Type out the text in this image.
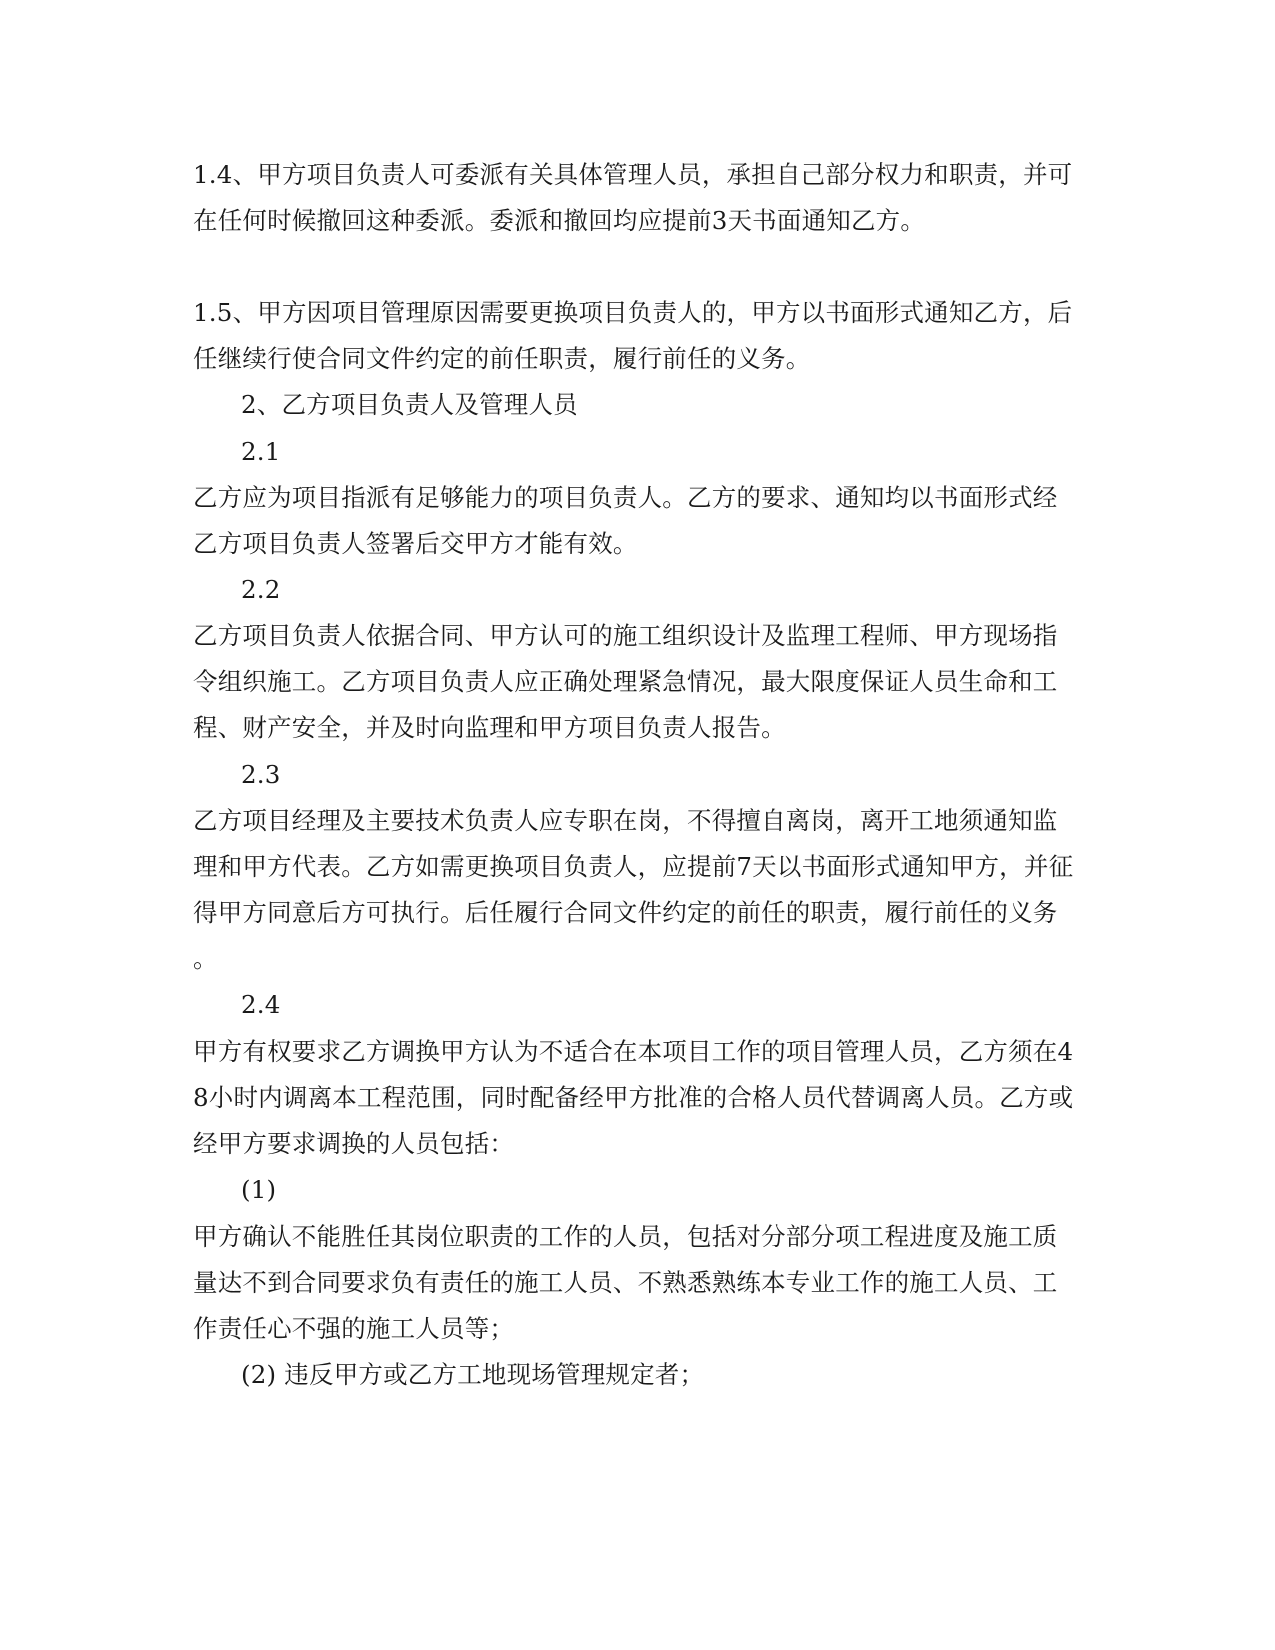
1.4、甲方项目负责人可委派有关具体管理人员，承担自己部分权力和职责，并可
在任何时候撤回这种委派。委派和撤回均应提前3天书面通知乙方。
1.5、甲方因项目管理原因需要更换项目负责人的，甲方以书面形式通知乙方，后
任继续行使合同文件约定的前任职责，履行前任的义务。
2、乙方项目负责人及管理人员
2.1
乙方应为项目指派有足够能力的项目负责人。乙方的要求、通知均以书面形式经
乙方项目负责人签署后交甲方才能有效。
2.2
乙方项目负责人依据合同、甲方认可的施工组织设计及监理工程师、甲方现场指
令组织施工。乙方项目负责人应正确处理紧急情况，最大限度保证人员生命和工
程、财产安全，并及时向监理和甲方项目负责人报告。
2.3
乙方项目经理及主要技术负责人应专职在岗，不得擅自离岗，离开工地须通知监
理和甲方代表。乙方如需更换项目负责人，应提前7天以书面形式通知甲方，并征
得甲方同意后方可执行。后任履行合同文件约定的前任的职责，履行前任的义务
。
2.4
甲方有权要求乙方调换甲方认为不适合在本项目工作的项目管理人员，乙方须在4
8小时内调离本工程范围，同时配备经甲方批准的合格人员代替调离人员。乙方或
经甲方要求调换的人员包括：
(1)
甲方确认不能胜任其岗位职责的工作的人员，包括对分部分项工程进度及施工质
量达不到合同要求负有责任的施工人员、不熟悉熟练本专业工作的施工人员、工
作责任心不强的施工人员等；
(2) 违反甲方或乙方工地现场管理规定者；
